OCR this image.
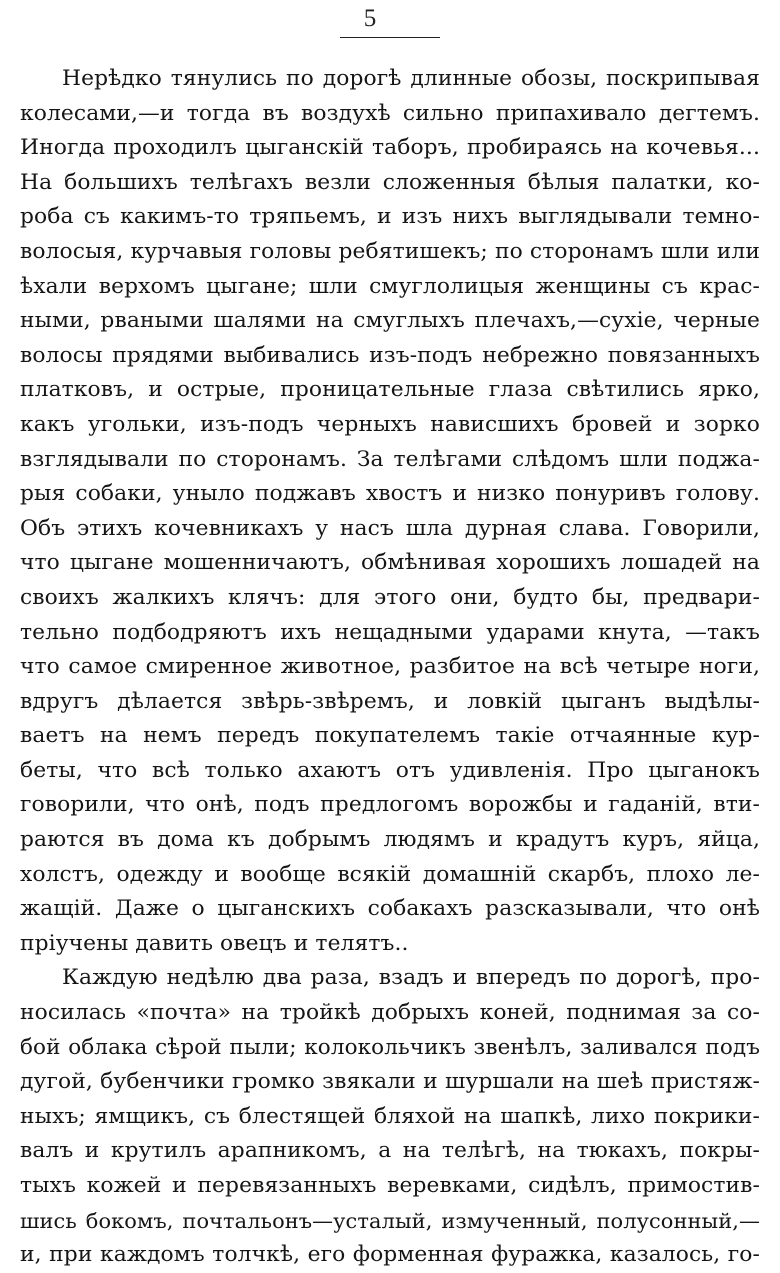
5
Нерѣдко тянулись по дорогѣ длинные обозы, поскрипывая
колесами,—и тогда въ воздухѣ сильно припахивало дегтемъ.
Иногда проходилъ цыганскій таборъ, пробираясь на кочевья...
На большихъ телѣгахъ везли сложенныя бѣлыя палатки, ко-
роба съ какимъ-то тряпьемъ, и изъ нихъ выглядывали темно-
волосыя, курчавыя головы ребятишекъ; по сторонамъ шли или
ѣхали верхомъ цыгане; шли смуглолицыя женщины съ крас-
ными, рваными шалями на смуглыхъ плечахъ,—сухіе, черные
волосы прядями выбивались изъ-подъ небрежно повязанныхъ
платковъ, и острые, проницательные глаза свѣтились ярко,
какъ угольки, изъ-подъ черныхъ нависшихъ бровей и зорко
взглядывали по сторонамъ. За телѣгами слѣдомъ шли поджа-
рыя собаки, уныло поджавъ хвостъ и низко понуривъ голову.
Объ этихъ кочевникахъ у насъ шла дурная слава. Говорили,
что цыгане мошенничаютъ, обмѣнивая хорошихъ лошадей на
своихъ жалкихъ клячъ: для этого они, будто бы, предвари-
тельно подбодряютъ ихъ нещадными ударами кнута, —такъ
что самое смиренное животное, разбитое на всѣ четыре ноги,
вдругъ дѣлается звѣрь-звѣремъ, и ловкій цыганъ выдѣлы-
ваетъ на немъ передъ покупателемъ такіе отчаянные кур-
беты, что всѣ только ахаютъ отъ удивленія. Про цыганокъ
говорили, что онѣ, подъ предлогомъ ворожбы и гаданій, вти-
раются въ дома къ добрымъ людямъ и крадутъ куръ, яйца,
холстъ, одежду и вообще всякій домашній скарбъ, плохо ле-
жащій. Даже о цыганскихъ собакахъ разсказывали, что онѣ
пріучены давить овецъ и телятъ..
Каждую недѣлю два раза, взадъ и впередъ по дорогѣ, про-
носилась «почта» на тройкѣ добрыхъ коней, поднимая за со-
бой облака сѣрой пыли; колокольчикъ звенѣлъ, заливался подъ
дугой, бубенчики громко звякали и шуршали на шеѣ пристяж-
ныхъ; ямщикъ, съ блестящей бляхой на шапкѣ, лихо покрики-
валъ и крутилъ арапникомъ, а на телѣгѣ, на тюкахъ, покры-
тыхъ кожей и перевязанныхъ веревками, сидѣлъ, примостив-
шись бокомъ, почтальонъ—усталый, измученный, полусонный,—
и, при каждомъ толчкѣ, его форменная фуражка, казалось, го-
